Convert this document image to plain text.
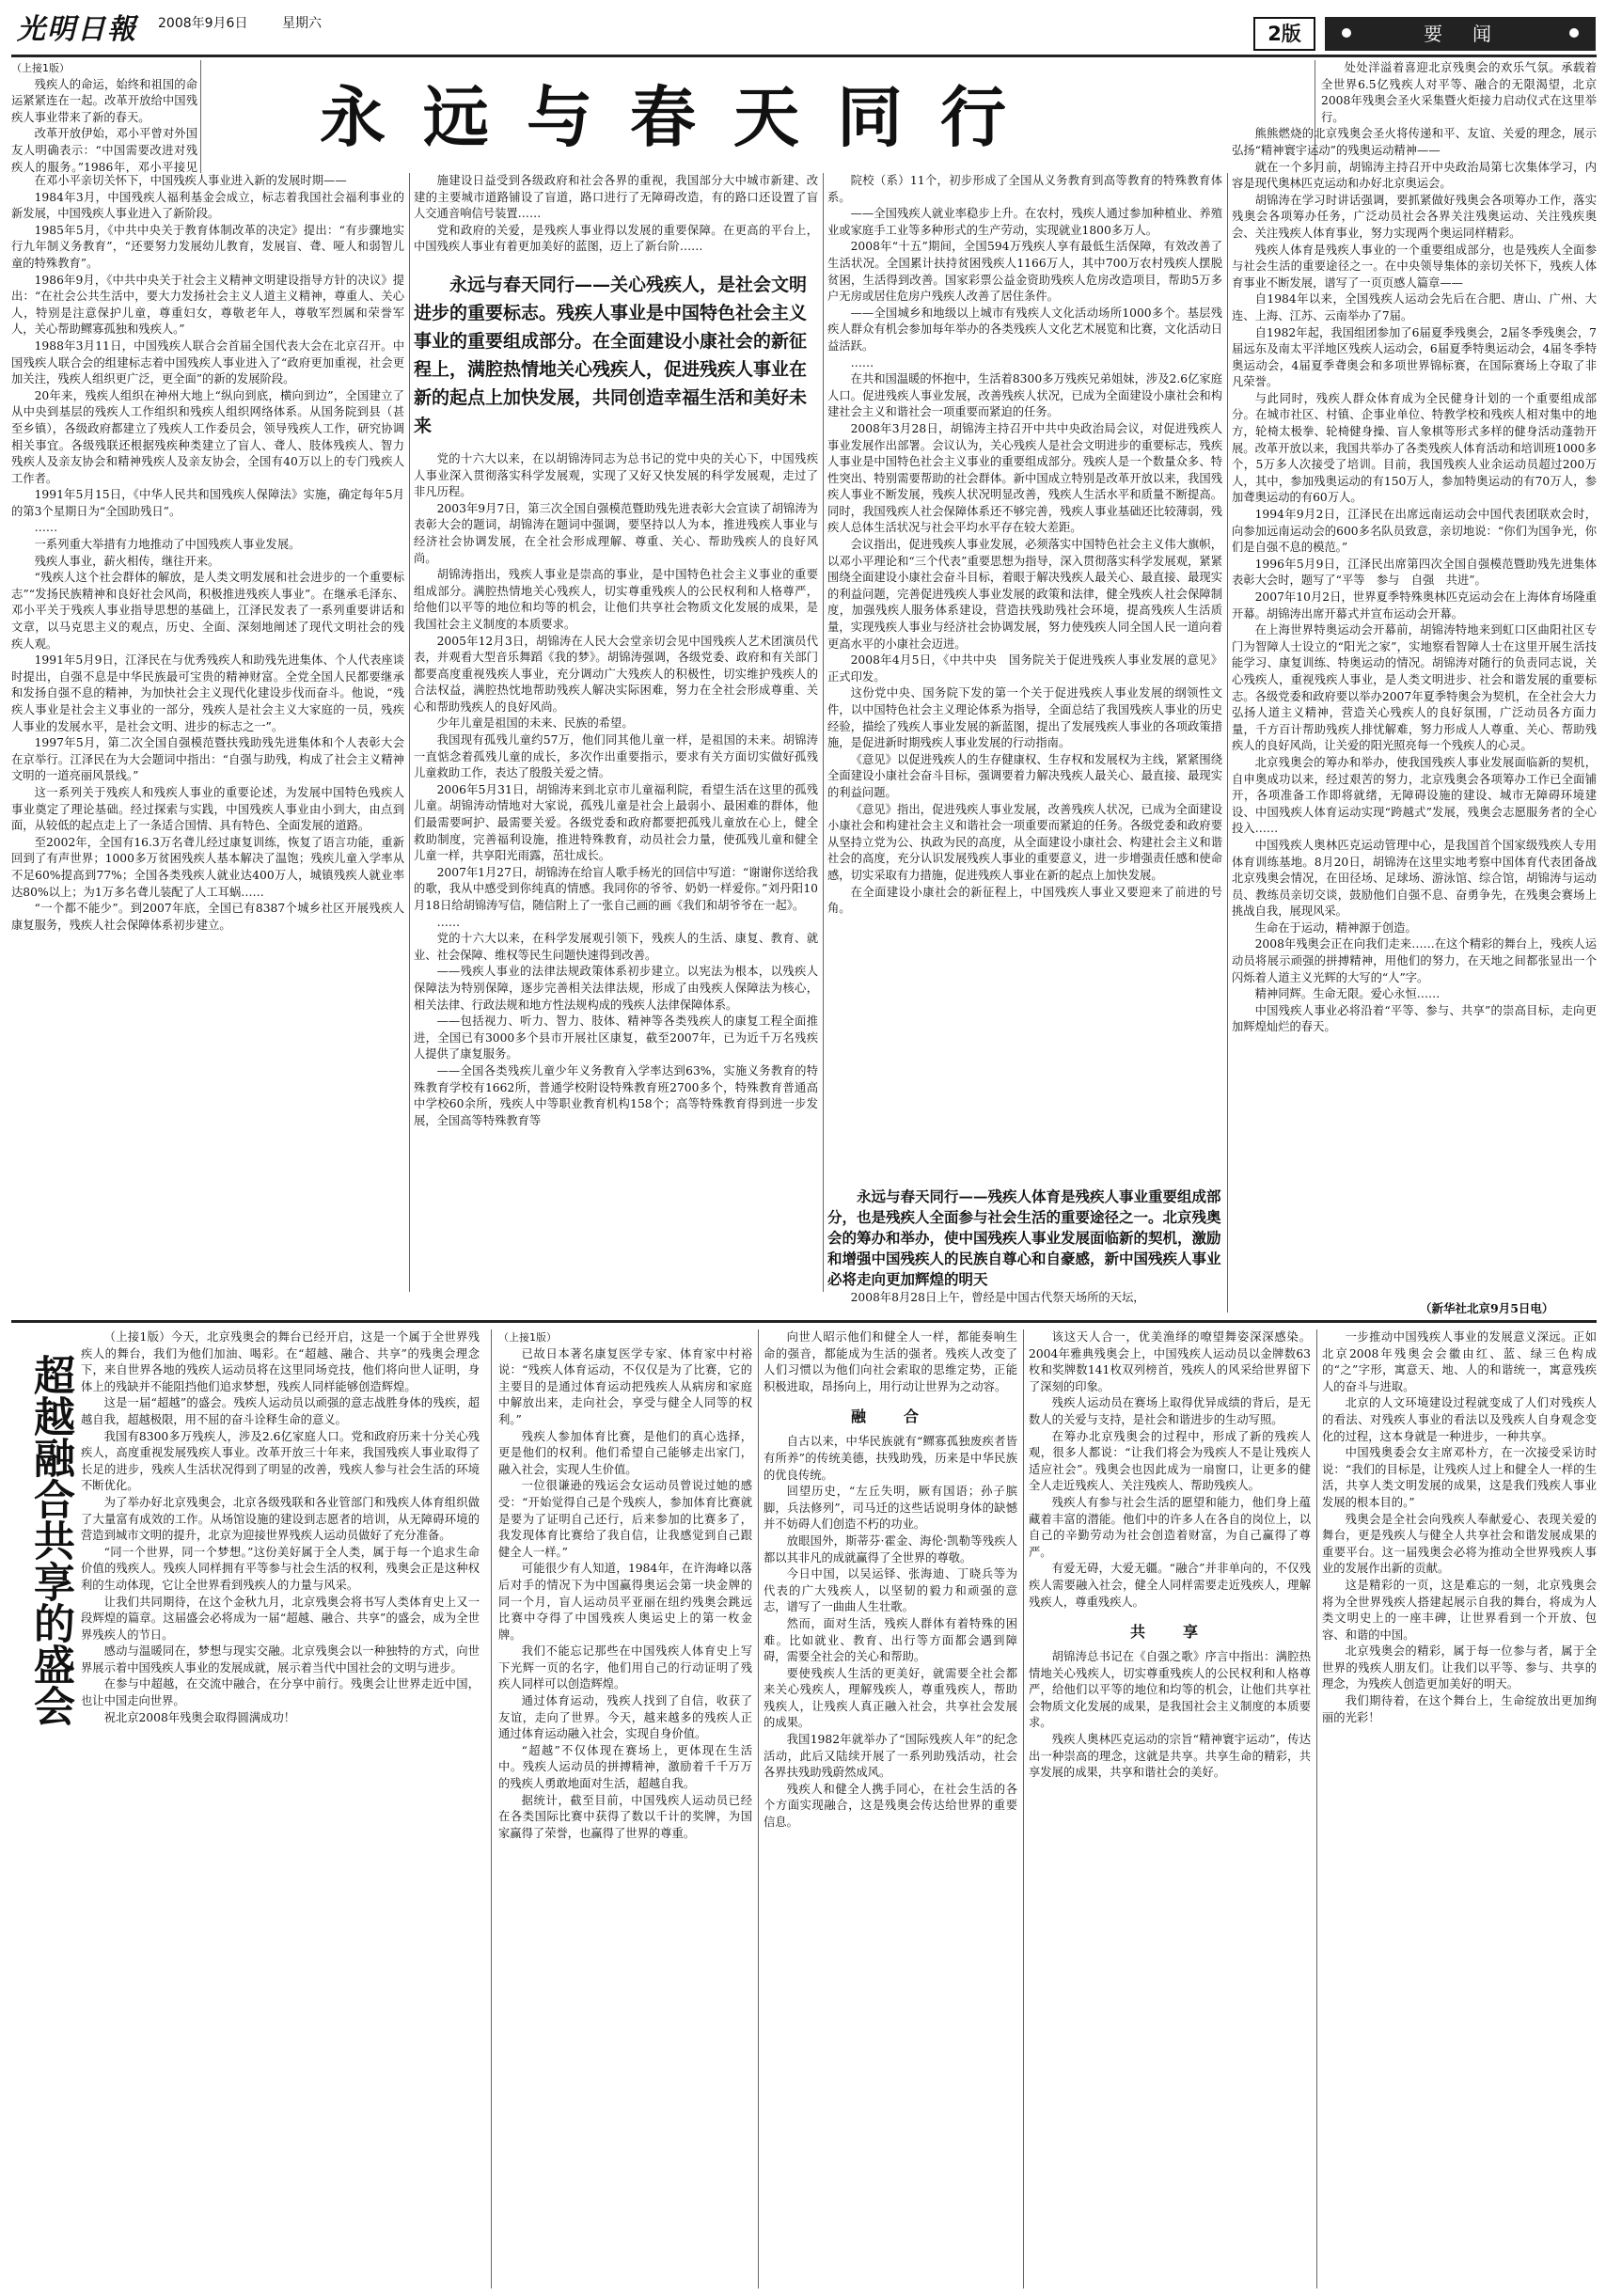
光明日報 2008年9月6日	星期六	2版	要　闻
永远与春天同行

（上接1版）

残疾人的命运，始终和祖国的命运紧紧连在一起。改革开放给中国残疾人事业带来了新的春天。

改革开放伊始，邓小平曾对外国友人明确表示：“中国需要改进对残疾人的服务。”1986年，邓小平接见

在邓小平亲切关怀下，中国残疾人事业进入新的发展时期——

1984年3月，中国残疾人福利基金会成立，标志着我国社会福利事业的新发展，中国残疾人事业进入了新阶段。

1985年5月，《中共中央关于教育体制改革的决定》提出：“有步骤地实行九年制义务教育”，“还要努力发展幼儿教育，发展盲、聋、哑人和弱智儿童的特殊教育”。

1986年9月，《中共中央关于社会主义精神文明建设指导方针的决议》提出：“在社会公共生活中，要大力发扬社会主义人道主义精神，尊重人、关心人，特别是注意保护儿童，尊重妇女，尊敬老年人，尊敬军烈属和荣誉军人，关心帮助鳏寡孤独和残疾人。”

1988年3月11日，中国残疾人联合会首届全国代表大会在北京召开。中国残疾人联合会的组建标志着中国残疾人事业进入了“政府更加重视，社会更加关注，残疾人组织更广泛，更全面”的新的发展阶段。

20年来，残疾人组织在神州大地上“纵向到底，横向到边”，全国建立了从中央到基层的残疾人工作组织和残疾人组织网络体系。从国务院到县（甚至乡镇），各级政府都建立了残疾人工作委员会，领导残疾人工作，研究协调相关事宜。各级残联还根据残疾种类建立了盲人、聋人、肢体残疾人、智力残疾人及亲友协会和精神残疾人及亲友协会，全国有40万以上的专门残疾人工作者。

1991年5月15日，《中华人民共和国残疾人保障法》实施，确定每年5月的第3个星期日为“全国助残日”。

……

一系列重大举措有力地推动了中国残疾人事业发展。

残疾人事业，薪火相传，继往开来。

“残疾人这个社会群体的解放，是人类文明发展和社会进步的一个重要标志”“发扬民族精神和良好社会风尚，积极推进残疾人事业”。在继承毛泽东、邓小平关于残疾人事业指导思想的基础上，江泽民发表了一系列重要讲话和文章，以马克思主义的观点，历史、全面、深刻地阐述了现代文明社会的残疾人观。

1991年5月9日，江泽民在与优秀残疾人和助残先进集体、个人代表座谈时提出，自强不息是中华民族最可宝贵的精神财富。全党全国人民都要继承和发扬自强不息的精神，为加快社会主义现代化建设步伐而奋斗。他说，“残疾人事业是社会主义事业的一部分，残疾人是社会主义大家庭的一员，残疾人事业的发展水平，是社会文明、进步的标志之一”。

1997年5月，第二次全国自强模范暨扶残助残先进集体和个人表彰大会在京举行。江泽民在为大会题词中指出：“自强与助残，构成了社会主义精神文明的一道亮丽风景线。”

这一系列关于残疾人和残疾人事业的重要论述，为发展中国特色残疾人事业奠定了理论基础。经过探索与实践，中国残疾人事业由小到大，由点到面，从较低的起点走上了一条适合国情、具有特色、全面发展的道路。

至2002年，全国有16.3万名聋儿经过康复训练，恢复了语言功能，重新回到了有声世界；1000多万贫困残疾人基本解决了温饱；残疾儿童入学率从不足60%提高到77%；全国各类残疾人就业达400万人，城镇残疾人就业率达80%以上；为1万多名聋儿装配了人工耳蜗……

“一个都不能少”。到2007年底，全国已有8387个城乡社区开展残疾人康复服务，残疾人社会保障体系初步建立。

施建设日益受到各级政府和社会各界的重视，我国部分大中城市新建、改建的主要城市道路铺设了盲道，路口进行了无障碍改造，有的路口还设置了盲人交通音响信号装置……

党和政府的关爱，是残疾人事业得以发展的重要保障。在更高的平台上，中国残疾人事业有着更加美好的蓝图，迈上了新台阶……

永远与春天同行——关心残疾人，是社会文明进步的重要标志。残疾人事业是中国特色社会主义事业的重要组成部分。在全面建设小康社会的新征程上，满腔热情地关心残疾人，促进残疾人事业在新的起点上加快发展，共同创造幸福生活和美好未来

党的十六大以来，在以胡锦涛同志为总书记的党中央的关心下，中国残疾人事业深入贯彻落实科学发展观，实现了又好又快发展的科学发展观，走过了非凡历程。

2003年9月7日，第三次全国自强模范暨助残先进表彰大会宣读了胡锦涛为表彰大会的题词，胡锦涛在题词中强调，要坚持以人为本，推进残疾人事业与经济社会协调发展，在全社会形成理解、尊重、关心、帮助残疾人的良好风尚。

胡锦涛指出，残疾人事业是崇高的事业，是中国特色社会主义事业的重要组成部分。满腔热情地关心残疾人，切实尊重残疾人的公民权利和人格尊严，给他们以平等的地位和均等的机会，让他们共享社会物质文化发展的成果，是我国社会主义制度的本质要求。

2005年12月3日，胡锦涛在人民大会堂亲切会见中国残疾人艺术团演员代表，并观看大型音乐舞蹈《我的梦》。胡锦涛强调，各级党委、政府和有关部门都要高度重视残疾人事业，充分调动广大残疾人的积极性，切实维护残疾人的合法权益，满腔热忱地帮助残疾人解决实际困难，努力在全社会形成尊重、关心和帮助残疾人的良好风尚。

少年儿童是祖国的未来、民族的希望。

我国现有孤残儿童约57万，他们同其他儿童一样，是祖国的未来。胡锦涛一直惦念着孤残儿童的成长，多次作出重要指示，要求有关方面切实做好孤残儿童救助工作，表达了殷殷关爱之情。

2006年5月31日，胡锦涛来到北京市儿童福利院，看望生活在这里的孤残儿童。胡锦涛动情地对大家说，孤残儿童是社会上最弱小、最困难的群体，他们最需要呵护、最需要关爱。各级党委和政府都要把孤残儿童放在心上，健全救助制度，完善福利设施，推进特殊教育，动员社会力量，使孤残儿童和健全儿童一样，共享阳光雨露，茁壮成长。

2007年1月27日，胡锦涛在给盲人歌手杨光的回信中写道：“谢谢你送给我的歌，我从中感受到你纯真的情感。我同你的爷爷、奶奶一样爱你。”刘丹阳10月18日给胡锦涛写信，随信附上了一张自己画的画《我们和胡爷爷在一起》。

……

党的十六大以来，在科学发展观引领下，残疾人的生活、康复、教育、就业、社会保障、维权等民生问题快速得到改善。

——残疾人事业的法律法规政策体系初步建立。以宪法为根本，以残疾人保障法为特别保障，逐步完善相关法律法规，形成了由残疾人保障法为核心，相关法律、行政法规和地方性法规构成的残疾人法律保障体系。

——包括视力、听力、智力、肢体、精神等各类残疾人的康复工程全面推进，全国已有3000多个县市开展社区康复，截至2007年，已为近千万名残疾人提供了康复服务。

——全国各类残疾儿童少年义务教育入学率达到63%，实施义务教育的特殊教育学校有1662所，普通学校附设特殊教育班2700多个，特殊教育普通高中学校60余所，残疾人中等职业教育机构158个；高等特殊教育得到进一步发展，全国高等特殊教育等

院校（系）11个，初步形成了全国从义务教育到高等教育的特殊教育体系。

——全国残疾人就业率稳步上升。在农村，残疾人通过参加种植业、养殖业或家庭手工业等多种形式的生产劳动，实现就业1800多万人。

2008年“十五”期间，全国594万残疾人享有最低生活保障，有效改善了生活状况。全国累计扶持贫困残疾人1166万人，其中700万农村残疾人摆脱贫困，生活得到改善。国家彩票公益金资助残疾人危房改造项目，帮助5万多户无房或居住危房户残疾人改善了居住条件。

——全国城乡和地级以上城市有残疾人文化活动场所1000多个。基层残疾人群众有机会参加每年举办的各类残疾人文化艺术展览和比赛，文化活动日益活跃。

……

在共和国温暖的怀抱中，生活着8300多万残疾兄弟姐妹，涉及2.6亿家庭人口。促进残疾人事业发展，改善残疾人状况，已成为全面建设小康社会和构建社会主义和谐社会一项重要而紧迫的任务。

2008年3月28日，胡锦涛主持召开中共中央政治局会议，对促进残疾人事业发展作出部署。会议认为，关心残疾人是社会文明进步的重要标志，残疾人事业是中国特色社会主义事业的重要组成部分。残疾人是一个数量众多、特性突出、特别需要帮助的社会群体。新中国成立特别是改革开放以来，我国残疾人事业不断发展，残疾人状况明显改善，残疾人生活水平和质量不断提高。同时，我国残疾人社会保障体系还不够完善，残疾人事业基础还比较薄弱，残疾人总体生活状况与社会平均水平存在较大差距。

会议指出，促进残疾人事业发展，必须落实中国特色社会主义伟大旗帜，以邓小平理论和“三个代表”重要思想为指导，深入贯彻落实科学发展观，紧紧围绕全面建设小康社会奋斗目标，着眼于解决残疾人最关心、最直接、最现实的利益问题，完善促进残疾人事业发展的政策和法律，健全残疾人社会保障制度，加强残疾人服务体系建设，营造扶残助残社会环境，提高残疾人生活质量，实现残疾人事业与经济社会协调发展，努力使残疾人同全国人民一道向着更高水平的小康社会迈进。

2008年4月5日，《中共中央　国务院关于促进残疾人事业发展的意见》正式印发。

这份党中央、国务院下发的第一个关于促进残疾人事业发展的纲领性文件，以中国特色社会主义理论体系为指导，全面总结了我国残疾人事业的历史经验，描绘了残疾人事业发展的新蓝图，提出了发展残疾人事业的各项政策措施，是促进新时期残疾人事业发展的行动指南。

《意见》以促进残疾人的生存健康权、生存权和发展权为主线，紧紧围绕全面建设小康社会奋斗目标，强调要着力解决残疾人最关心、最直接、最现实的利益问题。

《意见》指出，促进残疾人事业发展，改善残疾人状况，已成为全面建设小康社会和构建社会主义和谐社会一项重要而紧迫的任务。各级党委和政府要从坚持立党为公、执政为民的高度，从全面建设小康社会、构建社会主义和谐社会的高度，充分认识发展残疾人事业的重要意义，进一步增强责任感和使命感，切实采取有力措施，促进残疾人事业在新的起点上加快发展。

在全面建设小康社会的新征程上，中国残疾人事业又要迎来了前进的号角。

永远与春天同行——残疾人体育是残疾人事业重要组成部分，也是残疾人全面参与社会生活的重要途径之一。北京残奥会的筹办和举办，使中国残疾人事业发展面临新的契机，激励和增强中国残疾人的民族自尊心和自豪感，新中国残疾人事业必将走向更加辉煌的明天

2008年8月28日上午，曾经是中国古代祭天场所的天坛，

处处洋溢着喜迎北京残奥会的欢乐气氛。承载着全世界6.5亿残疾人对平等、融合的无限渴望，北京2008年残奥会圣火采集暨火炬接力启动仪式在这里举行。

熊熊燃烧的北京残奥会圣火将传递和平、友谊、关爱的理念，展示弘扬“精神寰宇运动”的残奥运动精神——

就在一个多月前，胡锦涛主持召开中央政治局第七次集体学习，内容是现代奥林匹克运动和办好北京奥运会。

胡锦涛在学习时讲话强调，要抓紧做好残奥会各项筹办工作，落实残奥会各项筹办任务，广泛动员社会各界关注残奥运动、关注残疾奥会、关注残疾人体育事业，努力实现两个奥运同样精彩。

残疾人体育是残疾人事业的一个重要组成部分，也是残疾人全面参与社会生活的重要途径之一。在中央领导集体的亲切关怀下，残疾人体育事业不断发展，谱写了一页页感人篇章——

自1984年以来，全国残疾人运动会先后在合肥、唐山、广州、大连、上海、江苏、云南举办了7届。

自1982年起，我国组团参加了6届夏季残奥会，2届冬季残奥会，7届远东及南太平洋地区残疾人运动会，6届夏季特奥运动会，4届冬季特奥运动会，4届夏季聋奥会和多项世界锦标赛，在国际赛场上夺取了非凡荣誉。

与此同时，残疾人群众体育成为全民健身计划的一个重要组成部分。在城市社区、村镇、企事业单位、特教学校和残疾人相对集中的地方，轮椅太极拳、轮椅健身操、盲人象棋等形式多样的健身活动蓬勃开展。改革开放以来，我国共举办了各类残疾人体育活动和培训班1000多个，5万多人次接受了培训。目前，我国残疾人业余运动员超过200万人，其中，参加残奥运动的有150万人，参加特奥运动的有70万人，参加聋奥运动的有60万人。

1994年9月2日，江泽民在出席远南运动会中国代表团联欢会时，向参加远南运动会的600多名队员致意，亲切地说：“你们为国争光，你们是自强不息的模范。”

1996年5月9日，江泽民出席第四次全国自强模范暨助残先进集体表彰大会时，题写了“平等　参与　自强　共进”。

2007年10月2日，世界夏季特殊奥林匹克运动会在上海体育场隆重开幕。胡锦涛出席开幕式并宣布运动会开幕。

在上海世界特奥运动会开幕前，胡锦涛特地来到虹口区曲阳社区专门为智障人士设立的“阳光之家”，实地察看智障人士在这里开展生活技能学习、康复训练、特奥运动的情况。胡锦涛对随行的负责同志说，关心残疾人，重视残疾人事业，是人类文明进步、社会和谐发展的重要标志。各级党委和政府要以举办2007年夏季特奥会为契机，在全社会大力弘扬人道主义精神，营造关心残疾人的良好氛围，广泛动员各方面力量，千方百计帮助残疾人排忧解难，努力形成人人尊重、关心、帮助残疾人的良好风尚，让关爱的阳光照亮每一个残疾人的心灵。

北京残奥会的筹办和举办，使我国残疾人事业发展面临新的契机，自申奥成功以来，经过艰苦的努力，北京残奥会各项筹办工作已全面铺开，各项准备工作即将就绪，无障碍设施的建设、城市无障碍环境建设、中国残疾人体育运动实现“跨越式”发展，残奥会志愿服务者的全心投入……

中国残疾人奥林匹克运动管理中心，是我国首个国家级残疾人专用体育训练基地。8月20日，胡锦涛在这里实地考察中国体育代表团备战北京残奥会情况，在田径场、足球场、游泳馆、综合馆，胡锦涛与运动员、教练员亲切交谈，鼓励他们自强不息、奋勇争先，在残奥会赛场上挑战自我，展现风采。

生命在于运动，精神源于创造。

2008年残奥会正在向我们走来……在这个精彩的舞台上，残疾人运动员将展示顽强的拼搏精神，用他们的努力，在天地之间都张显出一个闪烁着人道主义光辉的大写的“人”字。

精神同辉。生命无限。爱心永恒……

中国残疾人事业必将沿着“平等、参与、共享”的崇高目标，走向更加辉煌灿烂的春天。

（新华社北京9月5日电）
超越融合共享的盛会

（上接1版）今天，北京残奥会的舞台已经开启，这是一个属于全世界残疾人的舞台，我们为他们加油、喝彩。在“超越、融合、共享”的残奥会理念下，来自世界各地的残疾人运动员将在这里同场竞技，他们将向世人证明，身体上的残缺并不能阻挡他们追求梦想，残疾人同样能够创造辉煌。

这是一届“超越”的盛会。残疾人运动员以顽强的意志战胜身体的残疾，超越自我，超越极限，用不屈的奋斗诠释生命的意义。

我国有8300多万残疾人，涉及2.6亿家庭人口。党和政府历来十分关心残疾人，高度重视发展残疾人事业。改革开放三十年来，我国残疾人事业取得了长足的进步，残疾人生活状况得到了明显的改善，残疾人参与社会生活的环境不断优化。

为了举办好北京残奥会，北京各级残联和各业管部门和残疾人体育组织做了大量富有成效的工作。从场馆设施的建设到志愿者的培训，从无障碍环境的营造到城市文明的提升，北京为迎接世界残疾人运动员做好了充分准备。

“同一个世界，同一个梦想。”这份美好属于全人类，属于每一个追求生命价值的残疾人。残疾人同样拥有平等参与社会生活的权利，残奥会正是这种权利的生动体现，它让全世界看到残疾人的力量与风采。

让我们共同期待，在这个金秋九月，北京残奥会将书写人类体育史上又一段辉煌的篇章。这届盛会必将成为一届“超越、融合、共享”的盛会，成为全世界残疾人的节日。

感动与温暖同在，梦想与现实交融。北京残奥会以一种独特的方式，向世界展示着中国残疾人事业的发展成就，展示着当代中国社会的文明与进步。

在参与中超越，在交流中融合，在分享中前行。残奥会让世界走近中国，也让中国走向世界。

祝北京2008年残奥会取得圆满成功！

（上接1版）

已故日本著名康复医学专家、体育家中村裕说：“残疾人体育运动，不仅仅是为了比赛，它的主要目的是通过体育运动把残疾人从病房和家庭中解放出来，走向社会，享受与健全人同等的权利。”

残疾人参加体育比赛，是他们的真心选择，更是他们的权利。他们希望自己能够走出家门，融入社会，实现人生价值。

一位很谦逊的残运会女运动员曾说过她的感受：“开始觉得自己是个残疾人，参加体育比赛就是要为了证明自己还行，后来参加的比赛多了，我发现体育比赛给了我自信，让我感觉到自己跟健全人一样。”

可能很少有人知道，1984年，在许海峰以落后对手的情况下为中国赢得奥运会第一块金牌的同一个月，盲人运动员平亚丽在纽约残奥会跳远比赛中夺得了中国残疾人奥运史上的第一枚金牌。

我们不能忘记那些在中国残疾人体育史上写下光辉一页的名字，他们用自己的行动证明了残疾人同样可以创造辉煌。

通过体育运动，残疾人找到了自信，收获了友谊，走向了世界。今天，越来越多的残疾人正通过体育运动融入社会，实现自身价值。

“超越”不仅体现在赛场上，更体现在生活中。残疾人运动员的拼搏精神，激励着千千万万的残疾人勇敢地面对生活，超越自我。

据统计，截至目前，中国残疾人运动员已经在各类国际比赛中获得了数以千计的奖牌，为国家赢得了荣誉，也赢得了世界的尊重。

向世人昭示他们和健全人一样，都能奏响生命的强音，都能成为生活的强者。残疾人改变了人们习惯以为他们向社会索取的思维定势，正能积极进取，昂扬向上，用行动让世界为之动容。

融　合

自古以来，中华民族就有“鳏寡孤独废疾者皆有所养”的传统美德，扶残助残，历来是中华民族的优良传统。

回望历史，“左丘失明，厥有国语；孙子膑脚，兵法修列”，司马迁的这些话说明身体的缺憾并不妨碍人们创造不朽的功业。

放眼国外，斯蒂芬·霍金、海伦·凯勒等残疾人都以其非凡的成就赢得了全世界的尊敬。

今日中国，以吴运铎、张海迪、丁晓兵等为代表的广大残疾人，以坚韧的毅力和顽强的意志，谱写了一曲曲人生壮歌。

然而，面对生活，残疾人群体有着特殊的困难。比如就业、教育、出行等方面都会遇到障碍，需要全社会的关心和帮助。

要使残疾人生活的更美好，就需要全社会都来关心残疾人，理解残疾人，尊重残疾人，帮助残疾人，让残疾人真正融入社会，共享社会发展的成果。

我国1982年就举办了“国际残疾人年”的纪念活动，此后又陆续开展了一系列助残活动，社会各界扶残助残蔚然成风。

残疾人和健全人携手同心，在社会生活的各个方面实现融合，这是残奥会传达给世界的重要信息。

该这天人合一，优美渔绎的嘹望舞姿深深感染。2004年雅典残奥会上，中国残疾人运动员以金牌数63枚和奖牌数141枚双列榜首，残疾人的风采给世界留下了深刻的印象。

残疾人运动员在赛场上取得优异成绩的背后，是无数人的关爱与支持，是社会和谐进步的生动写照。

在筹办北京残奥会的过程中，形成了新的残疾人观，很多人都说：“让我们将会为残疾人不是让残疾人适应社会”。残奥会也因此成为一扇窗口，让更多的健全人走近残疾人、关注残疾人、帮助残疾人。

残疾人有参与社会生活的愿望和能力，他们身上蕴藏着丰富的潜能。他们中的许多人在各自的岗位上，以自己的辛勤劳动为社会创造着财富，为自己赢得了尊严。

有爱无碍，大爱无疆。“融合”并非单向的，不仅残疾人需要融入社会，健全人同样需要走近残疾人，理解残疾人，尊重残疾人。

共　享

胡锦涛总书记在《自强之歌》序言中指出：满腔热情地关心残疾人，切实尊重残疾人的公民权利和人格尊严，给他们以平等的地位和均等的机会，让他们共享社会物质文化发展的成果，是我国社会主义制度的本质要求。

残疾人奥林匹克运动的宗旨“精神寰宇运动”，传达出一种崇高的理念，这就是共享。共享生命的精彩，共享发展的成果，共享和谐社会的美好。

一步推动中国残疾人事业的发展意义深远。正如北京2008年残奥会会徽由红、蓝、绿三色构成的“之”字形，寓意天、地、人的和谐统一，寓意残疾人的奋斗与进取。

北京的人文环境建设过程就变成了人们对残疾人的看法、对残疾人事业的看法以及残疾人自身观念变化的过程，这本身就是一种进步，一种共享。

中国残奥委会女主席邓朴方，在一次接受采访时说：“我们的目标是，让残疾人过上和健全人一样的生活，共享人类文明发展的成果，这是我们残疾人事业发展的根本目的。”

残奥会是全社会向残疾人奉献爱心、表现关爱的舞台，更是残疾人与健全人共享社会和谐发展成果的重要平台。这一届残奥会必将为推动全世界残疾人事业的发展作出新的贡献。

这是精彩的一页，这是难忘的一刻，北京残奥会将为全世界残疾人搭建起展示自我的舞台，将成为人类文明史上的一座丰碑，让世界看到一个开放、包容、和谐的中国。

北京残奥会的精彩，属于每一位参与者，属于全世界的残疾人朋友们。让我们以平等、参与、共享的理念，为残疾人创造更加美好的明天。

我们期待着，在这个舞台上，生命绽放出更加绚丽的光彩！
